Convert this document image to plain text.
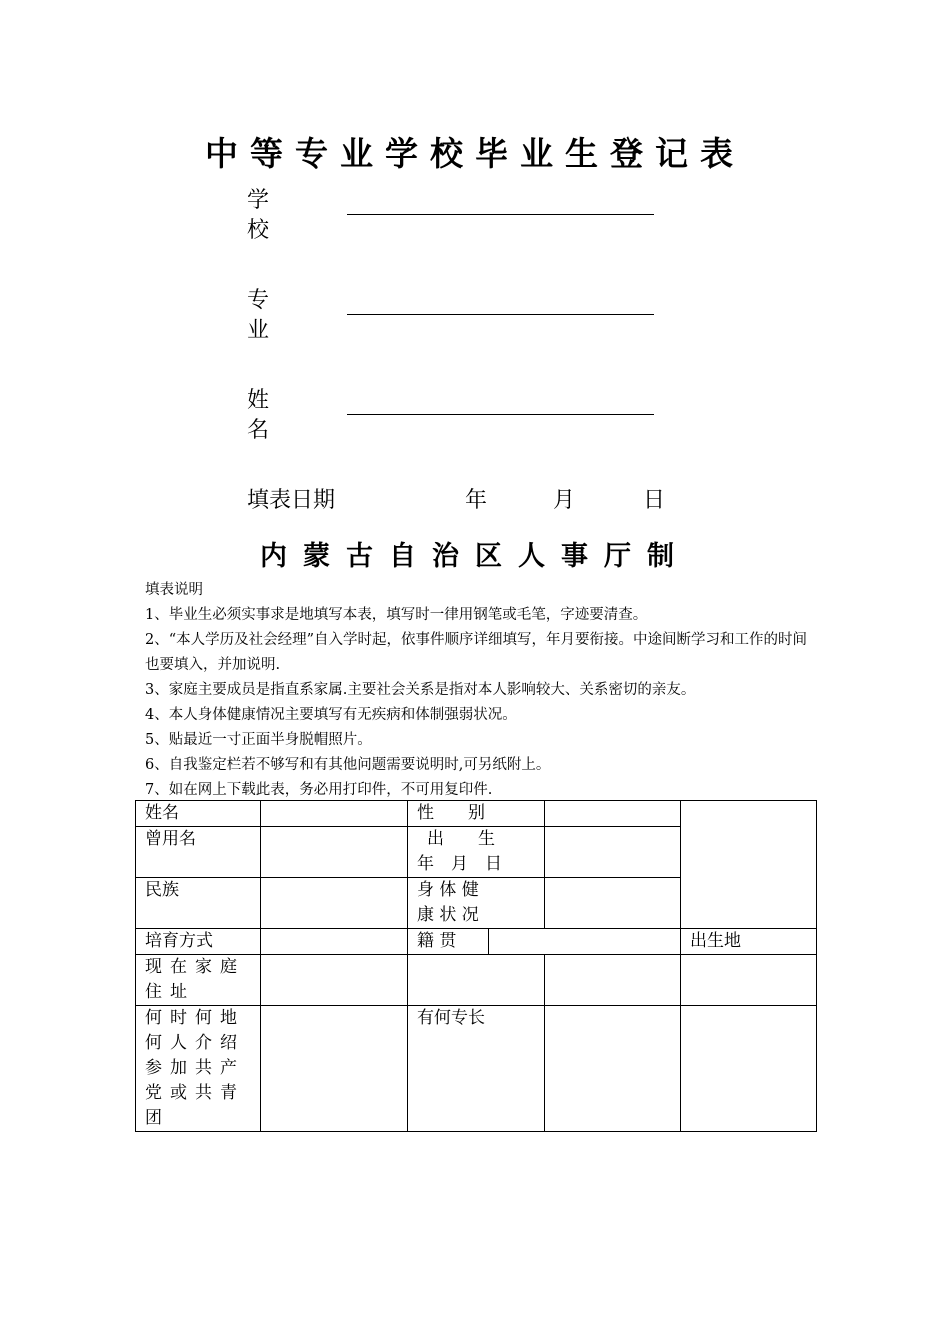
中等专业学校毕业生登记表
学校
专业
姓名
填表日期	年	月	日
内蒙古自治区人事厅制

填表说明

1、毕业生必须实事求是地填写本表，填写时一律用钢笔或毛笔，字迹要清查。

2、“本人学历及社会经理”自入学时起，依事件顺序详细填写，年月要衔接。中途间断学习和工作的时间也要填入，并加说明.

3、家庭主要成员是指直系家属.主要社会关系是指对本人影响较大、关系密切的亲友。

4、本人身体健康情况主要填写有无疾病和体制强弱状况。

5、贴最近一寸正面半身脱帽照片。

6、自我鉴定栏若不够写和有其他问题需要说明时,可另纸附上。

7、如在网上下载此表，务必用打印件，不可用复印件.

姓名		性　　别			
曾用名		出　　生
年　月　日			

民族		身 体 健
康 状 况			

培育方式		籍 贯			出生地
现在家庭住址					
何时何地何人介绍参加共产党或共青团		有何专长			
